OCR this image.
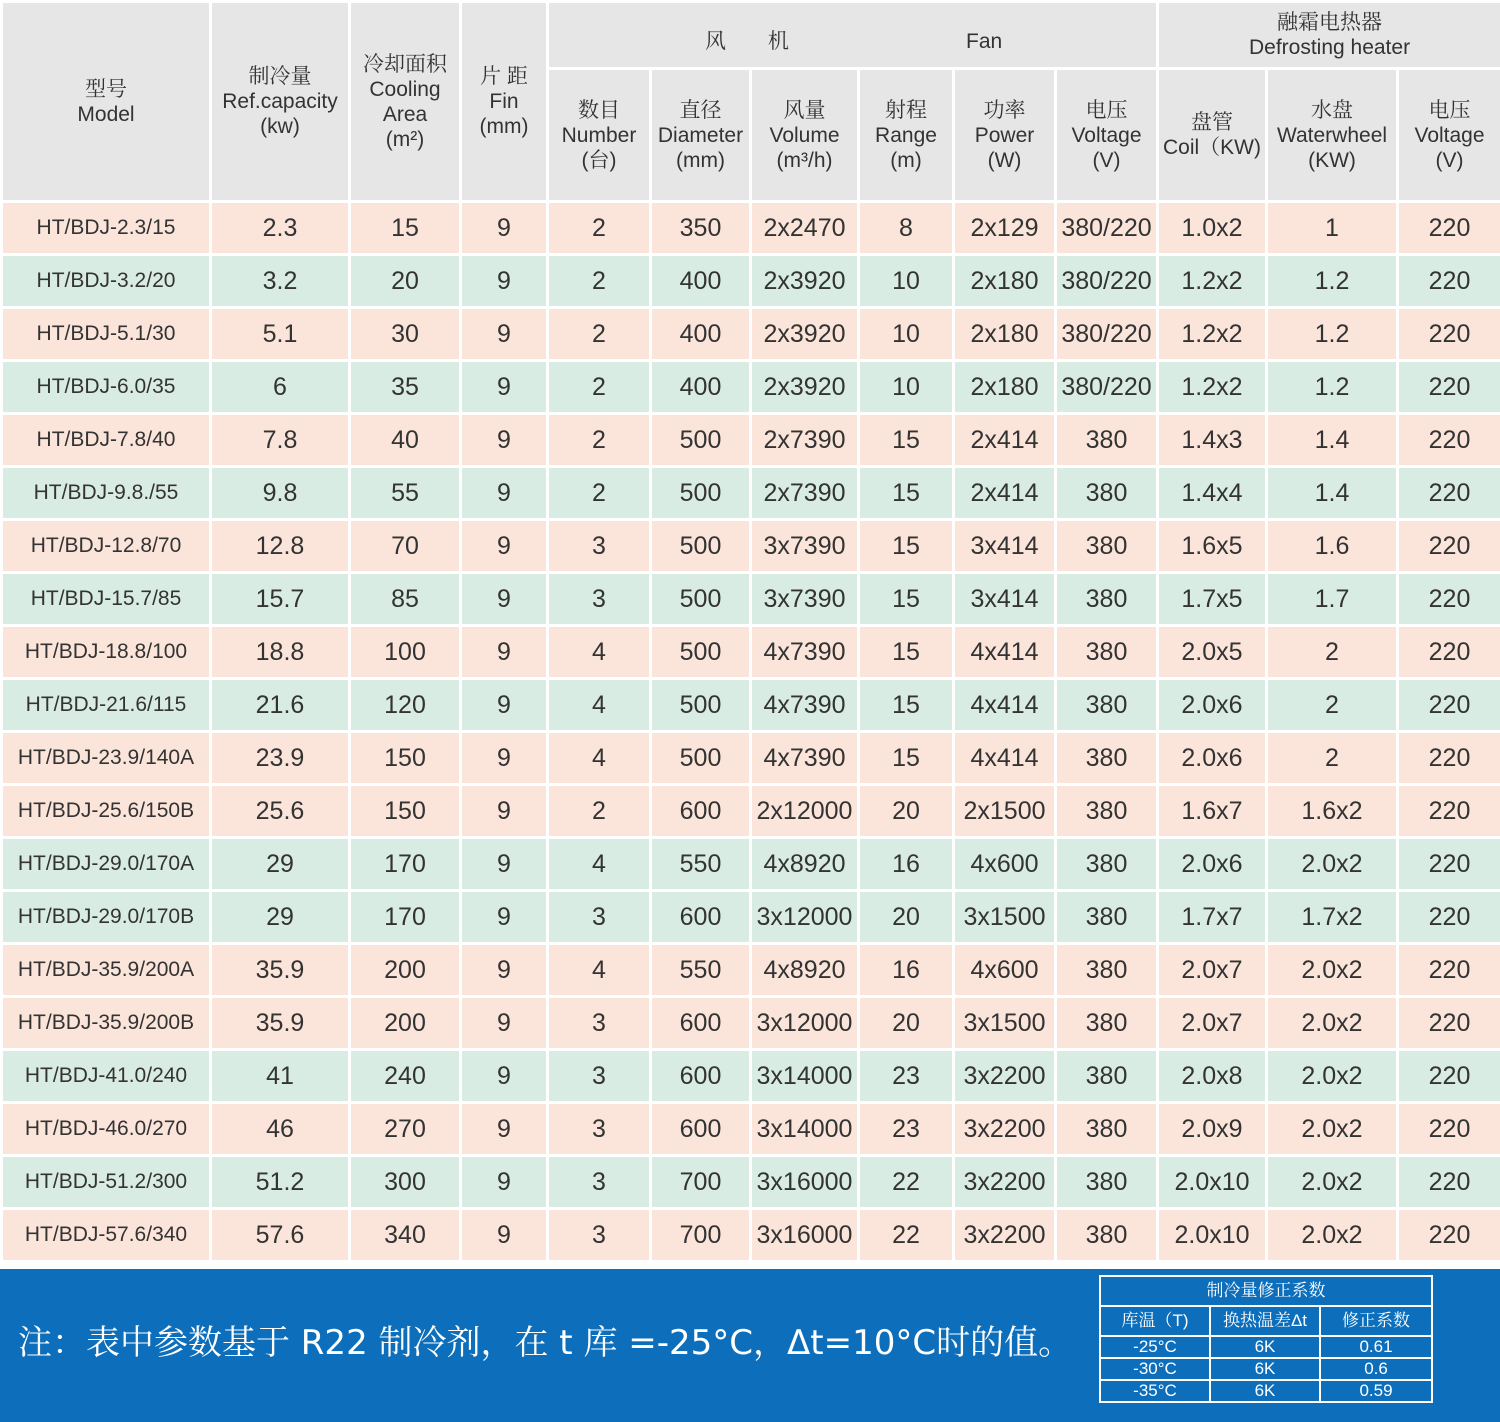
型号
Model	制冷量
Ref.capacity
(kw)	冷却面积
Cooling
Area
(m²)	片 距
Fin
(mm)	风 机 Fan						融霜电热器
Defrosting heater		

				数目
Number
(台)	直径
Diameter
(mm)	风量
Volume
(m³/h)	射程
Range
(m)	功率
Power
(W)	电压
Voltage
(V)	盘管
Coil（KW)	水盘
Waterwheel
(KW)	电压
Voltage
(V)

HT/BDJ-2.3/15	2.3	15	9	2	350	2x2470	8	2x129	380/220	1.0x2	1	220
HT/BDJ-3.2/20	3.2	20	9	2	400	2x3920	10	2x180	380/220	1.2x2	1.2	220
HT/BDJ-5.1/30	5.1	30	9	2	400	2x3920	10	2x180	380/220	1.2x2	1.2	220
HT/BDJ-6.0/35	6	35	9	2	400	2x3920	10	2x180	380/220	1.2x2	1.2	220
HT/BDJ-7.8/40	7.8	40	9	2	500	2x7390	15	2x414	380	1.4x3	1.4	220
HT/BDJ-9.8./55	9.8	55	9	2	500	2x7390	15	2x414	380	1.4x4	1.4	220
HT/BDJ-12.8/70	12.8	70	9	3	500	3x7390	15	3x414	380	1.6x5	1.6	220
HT/BDJ-15.7/85	15.7	85	9	3	500	3x7390	15	3x414	380	1.7x5	1.7	220
HT/BDJ-18.8/100	18.8	100	9	4	500	4x7390	15	4x414	380	2.0x5	2	220
HT/BDJ-21.6/115	21.6	120	9	4	500	4x7390	15	4x414	380	2.0x6	2	220
HT/BDJ-23.9/140A	23.9	150	9	4	500	4x7390	15	4x414	380	2.0x6	2	220
HT/BDJ-25.6/150B	25.6	150	9	2	600	2x12000	20	2x1500	380	1.6x7	1.6x2	220
HT/BDJ-29.0/170A	29	170	9	4	550	4x8920	16	4x600	380	2.0x6	2.0x2	220
HT/BDJ-29.0/170B	29	170	9	3	600	3x12000	20	3x1500	380	1.7x7	1.7x2	220
HT/BDJ-35.9/200A	35.9	200	9	4	550	4x8920	16	4x600	380	2.0x7	2.0x2	220
HT/BDJ-35.9/200B	35.9	200	9	3	600	3x12000	20	3x1500	380	2.0x7	2.0x2	220
HT/BDJ-41.0/240	41	240	9	3	600	3x14000	23	3x2200	380	2.0x8	2.0x2	220
HT/BDJ-46.0/270	46	270	9	3	600	3x14000	23	3x2200	380	2.0x9	2.0x2	220
HT/BDJ-51.2/300	51.2	300	9	3	700	3x16000	22	3x2200	380	2.0x10	2.0x2	220
HT/BDJ-57.6/340	57.6	340	9	3	700	3x16000	22	3x2200	380	2.0x10	2.0x2	220
注：表中参数基于 R22 制冷剂，在 t 库 =-25°C，Δt=10°C时的值。
制冷量修正系数		
库温（T)	换热温差Δt	修正系数
-25°C	6K	0.61
-30°C	6K	0.6
-35°C	6K	0.59
